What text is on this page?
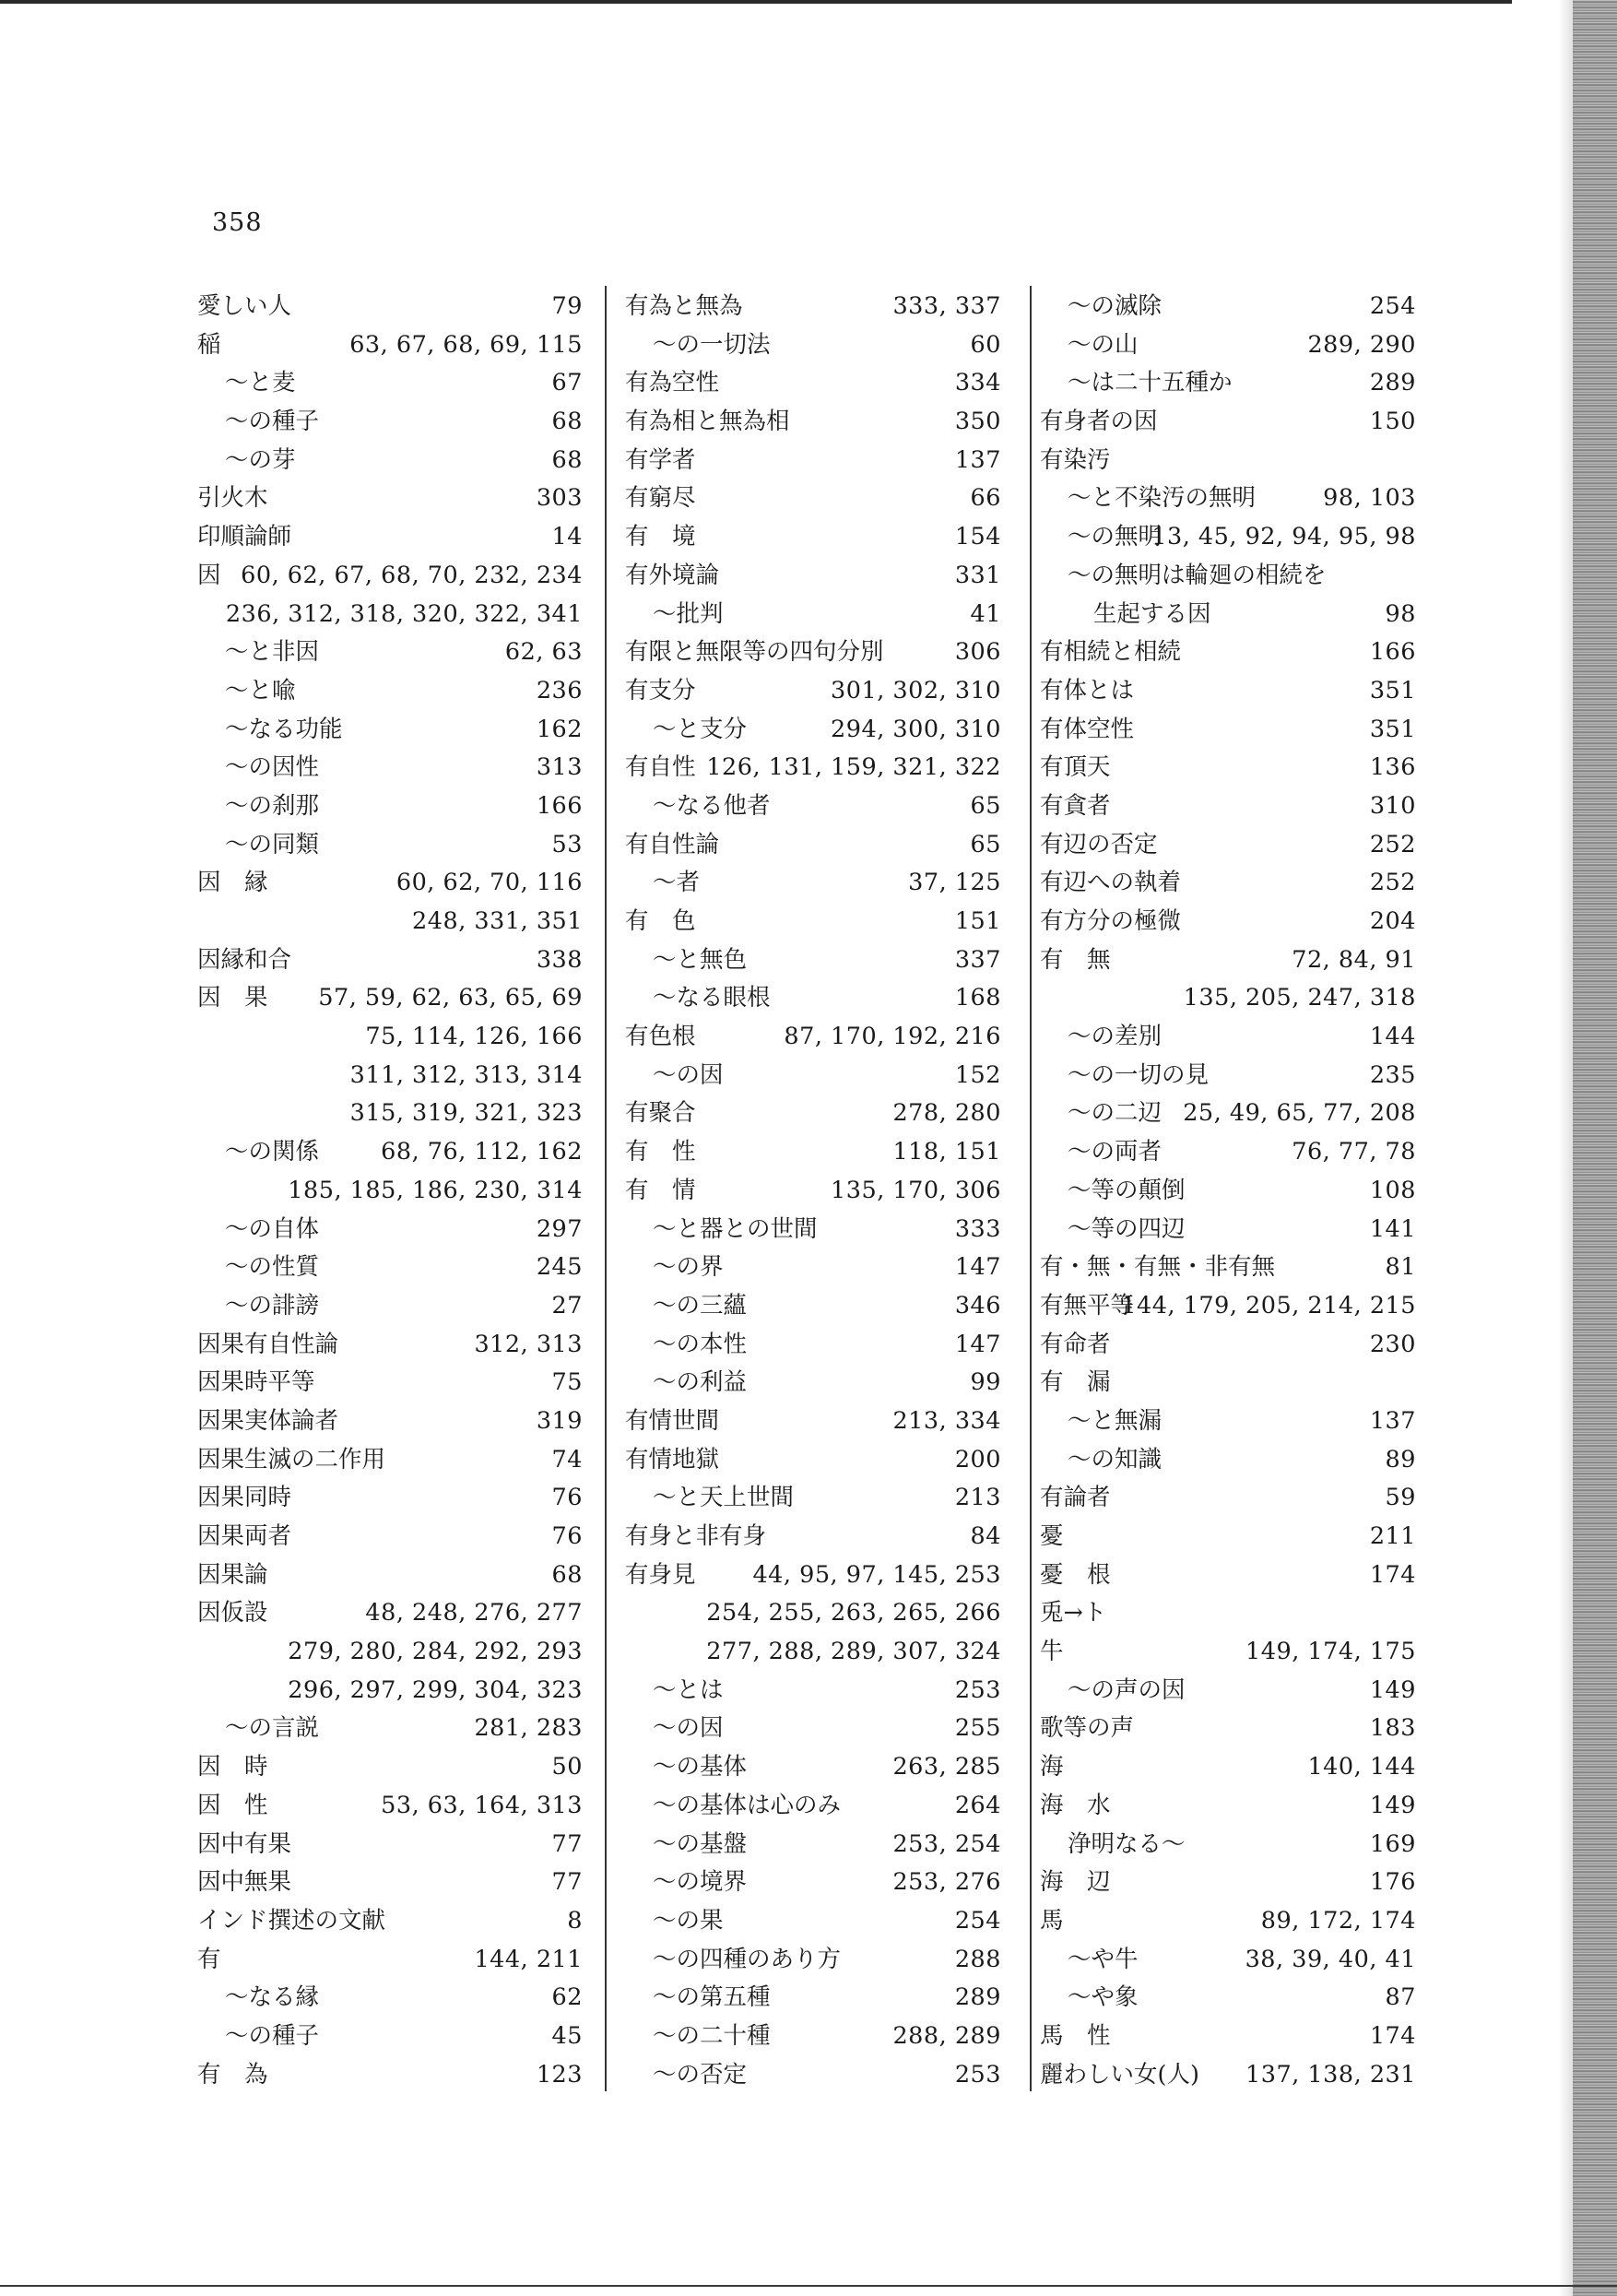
358
愛しい人	79
稲	63, 67, 68, 69, 115
～と麦	67
～の種子	68
～の芽	68
引火木	303
印順論師	14
因 60, 62, 67, 68, 70, 232, 234
236, 312, 318, 320, 322, 341
～と非因	62, 63
～と喩	236
～なる功能	162
～の因性	313
～の刹那	166
～の同類	53
因　縁	60, 62, 70, 116
248, 331, 351
因縁和合	338
因　果 57, 59, 62, 63, 65, 69
75, 114, 126, 166
311, 312, 313, 314
315, 319, 321, 323
～の関係	68, 76, 112, 162
185, 185, 186, 230, 314
～の自体	297
～の性質	245
～の誹謗	27
因果有自性論	312, 313
因果時平等	75
因果実体論者	319
因果生滅の二作用	74
因果同時	76
因果両者	76
因果論	68
因仮設	48, 248, 276, 277
279, 280, 284, 292, 293
296, 297, 299, 304, 323
～の言説	281, 283
因　時	50
因　性	53, 63, 164, 313
因中有果	77
因中無果	77
インド撰述の文献	8
有	144, 211
～なる縁	62
～の種子	45
有　為	123
有為と無為	333, 337
～の一切法	60
有為空性	334
有為相と無為相	350
有学者	137
有窮尽	66
有　境	154
有外境論	331
～批判	41
有限と無限等の四句分別	306
有支分	301, 302, 310
～と支分	294, 300, 310
有自性 126, 131, 159, 321, 322
～なる他者	65
有自性論	65
～者	37, 125
有　色	151
～と無色	337
～なる眼根	168
有色根	87, 170, 192, 216
～の因	152
有聚合	278, 280
有　性	118, 151
有　情	135, 170, 306
～と器との世間	333
～の界	147
～の三蘊	346
～の本性	147
～の利益	99
有情世間	213, 334
有情地獄	200
～と天上世間	213
有身と非有身	84
有身見 44, 95, 97, 145, 253
254, 255, 263, 265, 266
277, 288, 289, 307, 324
～とは	253
～の因	255
～の基体	263, 285
～の基体は心のみ	264
～の基盤	253, 254
～の境界	253, 276
～の果	254
～の四種のあり方	288
～の第五種	289
～の二十種	288, 289
～の否定	253
～の滅除	254
～の山	289, 290
～は二十五種か	289
有身者の因	150
有染汚
～と不染汚の無明	98, 103
～の無明
13, 45, 92, 94, 95, 98
～の無明は輪廻の相続を
生起する因	98
有相続と相続	166
有体とは	351
有体空性	351
有頂天	136
有貪者	310
有辺の否定	252
有辺への執着	252
有方分の極微	204
有　無	72, 84, 91
135, 205, 247, 318
～の差別	144
～の一切の見	235
～の二辺 25, 49, 65, 77, 208
～の両者	76, 77, 78
～等の顛倒	108
～等の四辺	141
有・無・有無・非有無	81
有無平等
144, 179, 205, 214, 215
有命者	230
有　漏
～と無漏	137
～の知識	89
有論者	59
憂	211
憂　根	174
兎→ト
牛	149, 174, 175
～の声の因	149
歌等の声	183
海	140, 144
海　水	149
浄明なる～	169
海　辺	176
馬	89, 172, 174
～や牛	38, 39, 40, 41
～や象	87
馬　性	174
麗わしい女(人) 137, 138, 231
